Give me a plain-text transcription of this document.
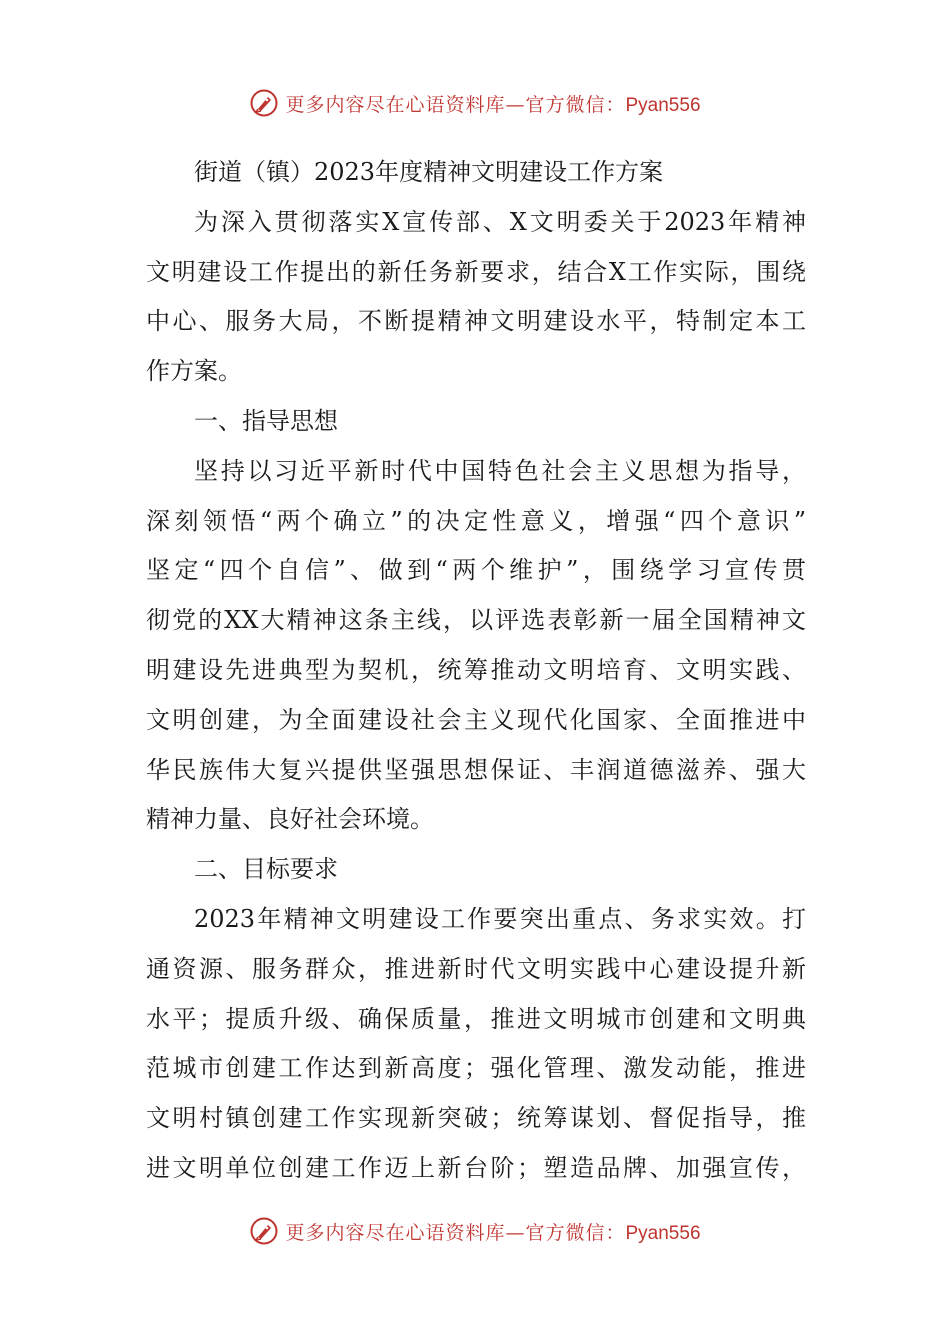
更多内容尽在心语资料库—官方微信：Pyan556
街道（镇）2023年度精神文明建设工作方案
为深入贯彻落实X宣传部、X文明委关于2023年精神
文明建设工作提出的新任务新要求，结合X工作实际，围绕
中心、服务大局，不断提精神文明建设水平，特制定本工
作方案。
一、指导思想
坚持以习近平新时代中国特色社会主义思想为指导，
深刻领悟“两个确立”的决定性意义，增强“四个意识”
坚定“四个自信”、做到“两个维护”，围绕学习宣传贯
彻党的XX大精神这条主线，以评选表彰新一届全国精神文
明建设先进典型为契机，统筹推动文明培育、文明实践、
文明创建，为全面建设社会主义现代化国家、全面推进中
华民族伟大复兴提供坚强思想保证、丰润道德滋养、强大
精神力量、良好社会环境。
二、目标要求
2023年精神文明建设工作要突出重点、务求实效。打
通资源、服务群众，推进新时代文明实践中心建设提升新
水平；提质升级、确保质量，推进文明城市创建和文明典
范城市创建工作达到新高度；强化管理、激发动能，推进
文明村镇创建工作实现新突破；统筹谋划、督促指导，推
进文明单位创建工作迈上新台阶；塑造品牌、加强宣传，
更多内容尽在心语资料库—官方微信：Pyan556
